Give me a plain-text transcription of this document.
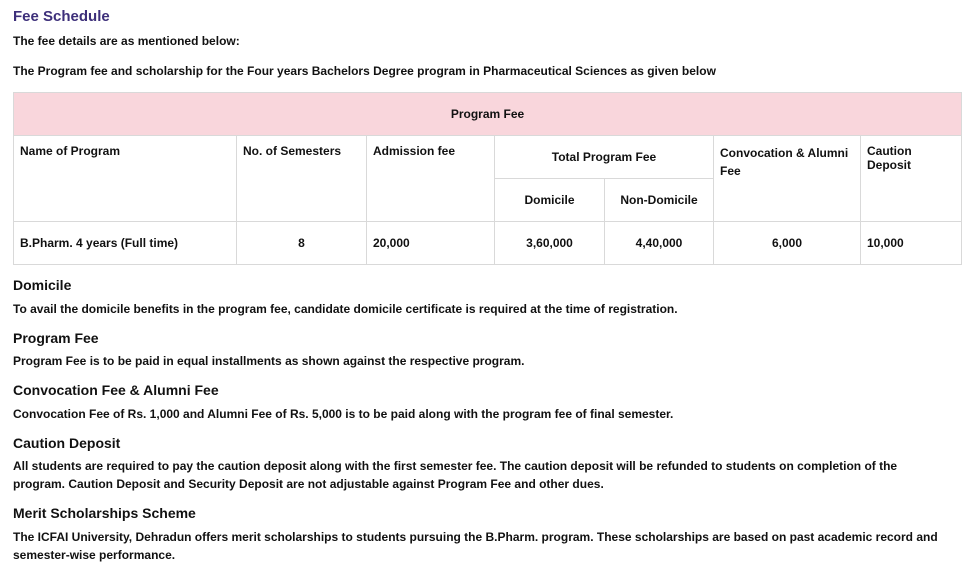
Fee Schedule

The fee details are as mentioned below:

The Program fee and scholarship for the Four years Bachelors Degree program in Pharmaceutical Sciences as given below

Program Fee						
Name of Program	No. of Semesters	Admission fee	Total Program Fee		Convocation & Alumni Fee	Caution Deposit
			Domicile	Non-Domicile		
B.Pharm. 4 years (Full time)	8	20,000	3,60,000	4,40,000	6,000	10,000
Domicile

To avail the domicile benefits in the program fee, candidate domicile certificate is required at the time of registration.

Program Fee

Program Fee is to be paid in equal installments as shown against the respective program.

Convocation Fee & Alumni Fee

Convocation Fee of Rs. 1,000 and Alumni Fee of Rs. 5,000 is to be paid along with the program fee of final semester.

Caution Deposit

All students are required to pay the caution deposit along with the first semester fee. The caution deposit will be refunded to students on completion of the program. Caution Deposit and Security Deposit are not adjustable against Program Fee and other dues.

Merit Scholarships Scheme

The ICFAI University, Dehradun offers merit scholarships to students pursuing the B.Pharm. program. These scholarships are based on past academic record and semester-wise performance.
